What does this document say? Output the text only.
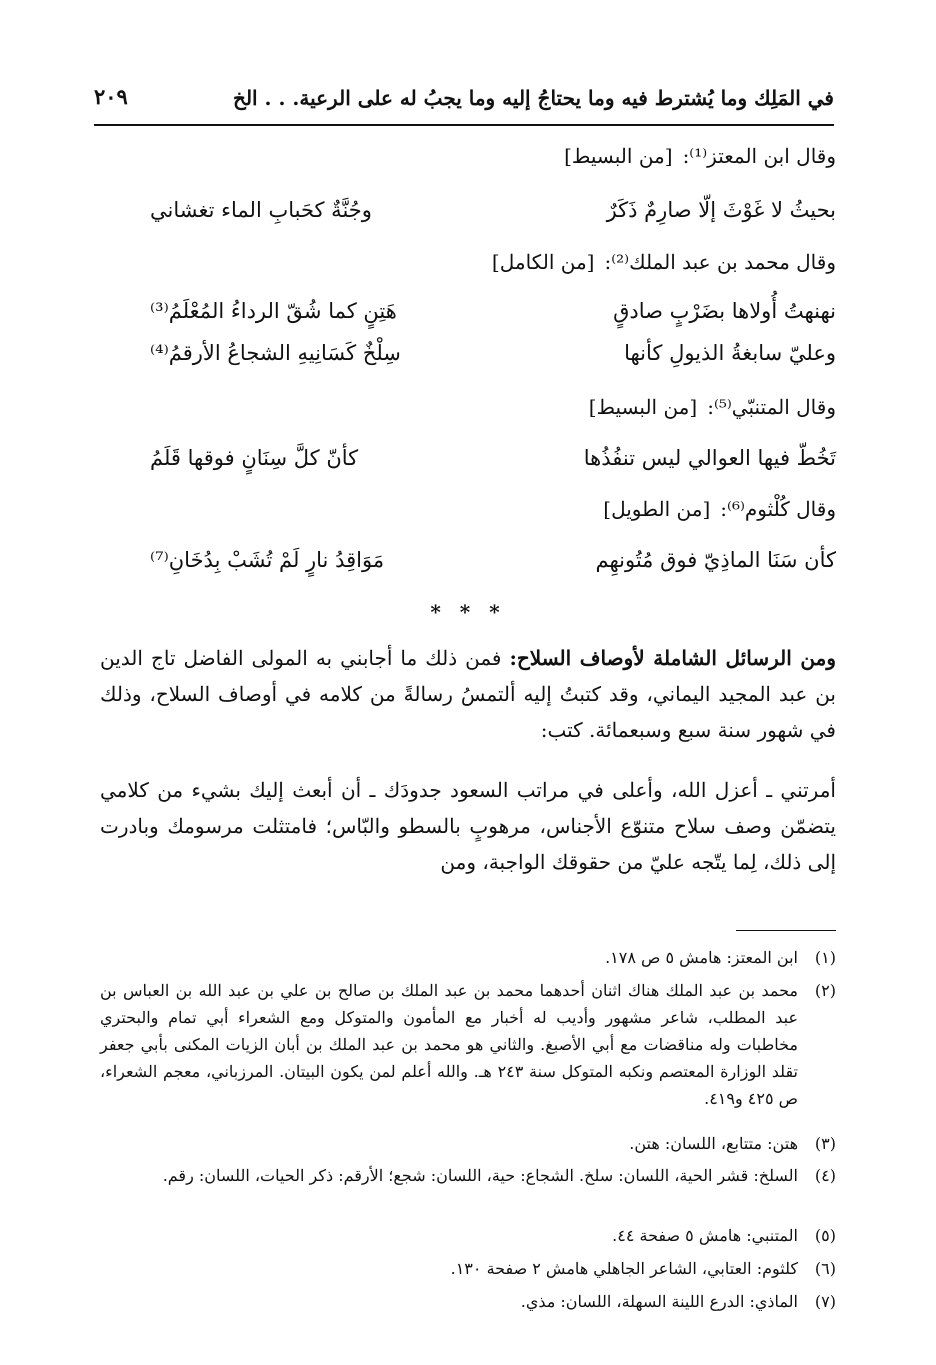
في المَلِك وما يُشترط فيه وما يحتاجُ إليه وما يجبُ له على الرعية. . . الخ
٢٠٩
وقال ابن المعتز⁽¹⁾:[من البسيط]
بحيثُ لا غَوْثَ إلّا صارِمٌ ذَكَرٌ
وجُنَّةٌ كحَبابِ الماء تغشاني
وقال محمد بن عبد الملك⁽²⁾:[من الكامل]
نهنهتُ أُولاها بضَرْبٍ صادقٍ
هَتِنٍ كما شُقّ الرداءُ المُعْلَمُ⁽³⁾
وعليّ سابغةُ الذيولِ كأنها
سِلْخٌ كَسَانِيهِ الشجاعُ الأرقمُ⁽⁴⁾
وقال المتنبّي⁽⁵⁾:[من البسيط]
تَخُطّ فيها العوالي ليس تنفُذُها
كأنّ كلَّ سِنَانٍ فوقها قَلَمُ
وقال كُلْثوم⁽⁶⁾:[من الطويل]
كأن سَنَا الماذِيّ فوق مُتُونهِم
مَوَاقِدُ نارٍ لَمْ تُشَبْ بِدُخَانِ⁽⁷⁾
* * *
ومن الرسائل الشاملة لأوصاف السلاح: فمن ذلك ما أجابني به المولى الفاضل تاج الدين بن عبد المجيد اليماني، وقد كتبتُ إليه ألتمسُ رسالةً من كلامه في أوصاف السلاح، وذلك في شهور سنة سبع وسبعمائة. كتب:
أمرتني ـ أعزل الله، وأعلى في مراتب السعود جدودَك ـ أن أبعث إليك بشيء من كلامي يتضمّن وصف سلاح متنوّع الأجناس، مرهوبٍ بالسطو والبّاس؛ فامتثلت مرسومك وبادرت إلى ذلك، لِما يتّجه عليّ من حقوقك الواجبة، ومن
(١)
ابن المعتز: هامش ٥ ص ١٧٨.
(٢)
محمد بن عبد الملك هناك اثنان أحدهما محمد بن عبد الملك بن صالح بن علي بن عبد الله بن العباس بن عبد المطلب، شاعر مشهور وأديب له أخبار مع المأمون والمتوكل ومع الشعراء أبي تمام والبحتري مخاطبات وله مناقضات مع أبي الأصبغ. والثاني هو محمد بن عبد الملك بن أبان الزيات المكنى بأبي جعفر تقلد الوزارة المعتصم ونكبه المتوكل سنة ٢٤٣ هـ. والله أعلم لمن يكون البيتان. المرزباني، معجم الشعراء، ص ٤٢٥ و٤١٩.
(٣)
هتن: متتابع، اللسان: هتن.
(٤)
السلخ: قشر الحية، اللسان: سلخ. الشجاع: حية، اللسان: شجع؛ الأرقم: ذكر الحيات، اللسان: رقم.
(٥)
المتنبي: هامش ٥ صفحة ٤٤.
(٦)
كلثوم: العتابي، الشاعر الجاهلي هامش ٢ صفحة ١٣٠.
(٧)
الماذي: الدرع اللينة السهلة، اللسان: مذي.
